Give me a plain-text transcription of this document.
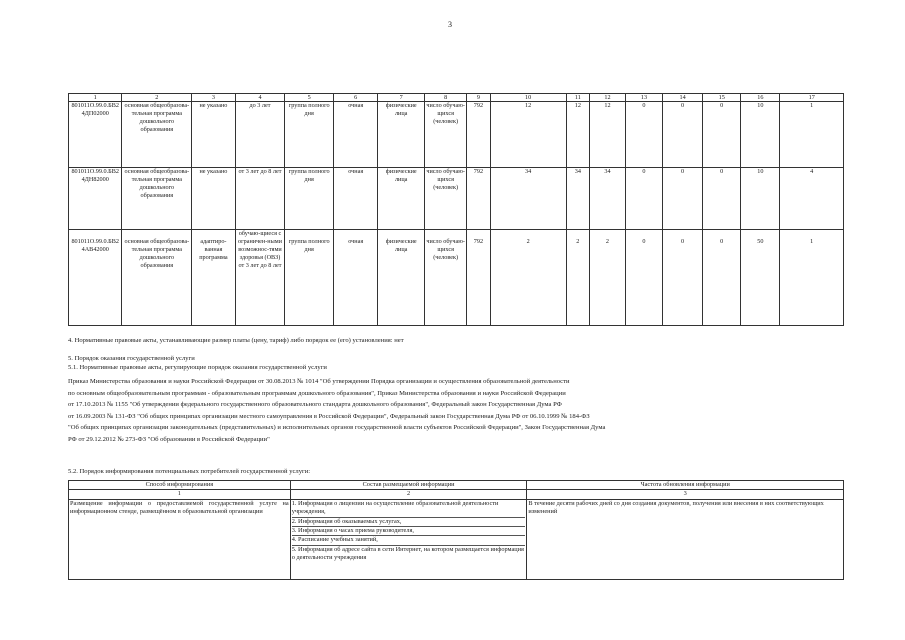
3
1	2	3	4	5	6	7	8	9	10	11	12	13	14	15	16	17
801011О.99.0.БВ2 4ДП02000	основная общеобразова-тельная программа дошкольного образования	не указано	до 3 лет	группа полного дня	очная	физические лица	число обучаю-щихся (человек)	792	12	12	12	0	0	0	10	1
801011О.99.0.БВ2 4ДН82000	основная общеобразова-тельная программа дошкольного образования	не указано	от 3 лет до 8 лет	группа полного дня	очная	физические лица	число обучаю-щихся (человек)	792	34	34	34	0	0	0	10	4
801011О.99.0.БВ2 4АВ42000	основная общеобразова-тельная программа дошкольного образования	адаптиро-ванная программа	обучаю-щиеся с ограничен-ными возможнос-тями здоровья (ОВЗ) от 3 лет до 8 лет	группа полного дня	очная	физические лица	число обучаю-щихся (человек)	792	2	2	2	0	0	0	50	1
4. Нормативные правовые акты, устанавливающие размер платы (цену, тариф) либо порядок ее (его) установления: нет
5. Порядок оказания государственной услуги
5.1. Нормативные правовые акты, регулирующие порядок оказания государственной услуги
Приказ Министерства образования и науки Российской Федерации от 30.08.2013 № 1014 "Об утверждении Порядка организации и осуществления образовательной деятельности
по основным общеобразовательным программам - образовательным программам дошкольного образования", Приказ Министерства образования и науки Российской Федерации
от 17.10.2013 № 1155 "Об утверждении федерального государственного образовательного стандарта дошкольного образования", Федеральный закон Государственная Дума РФ
от 16.09.2003 № 131-ФЗ "Об общих принципах организации местного самоуправления в Российской Федерации", Федеральный закон Государственная Дума РФ от 06.10.1999 № 184-ФЗ
"Об общих принципах организации законодательных (представительных) и исполнительных органов государственной власти субъектов Российской Федерации", Закон Государственная Дума
РФ от 29.12.2012 № 273-ФЗ "Об образовании в Российской Федерации"
5.2. Порядок информирования потенциальных потребителей государственной услуги:
Способ информирования	Состав размещаемой информации	Частота обновления информации
1	2	3
Размещение информации о предоставляемой государственной услуге на информационном стенде, размещённом в образовательной организации	1. Информация о лицензии на осуществление образовательной деятельности учреждения,
2. Информация об оказываемых услугах,
3. Информация о часах приема руководителя,
4. Расписание учебных занятий,
5. Информация об адресе сайта в сети Интернет, на котором размещается информация о деятельности учреждения	В течение десяти рабочих дней со дня создания документов, получения или внесения в них соответствующих изменений
